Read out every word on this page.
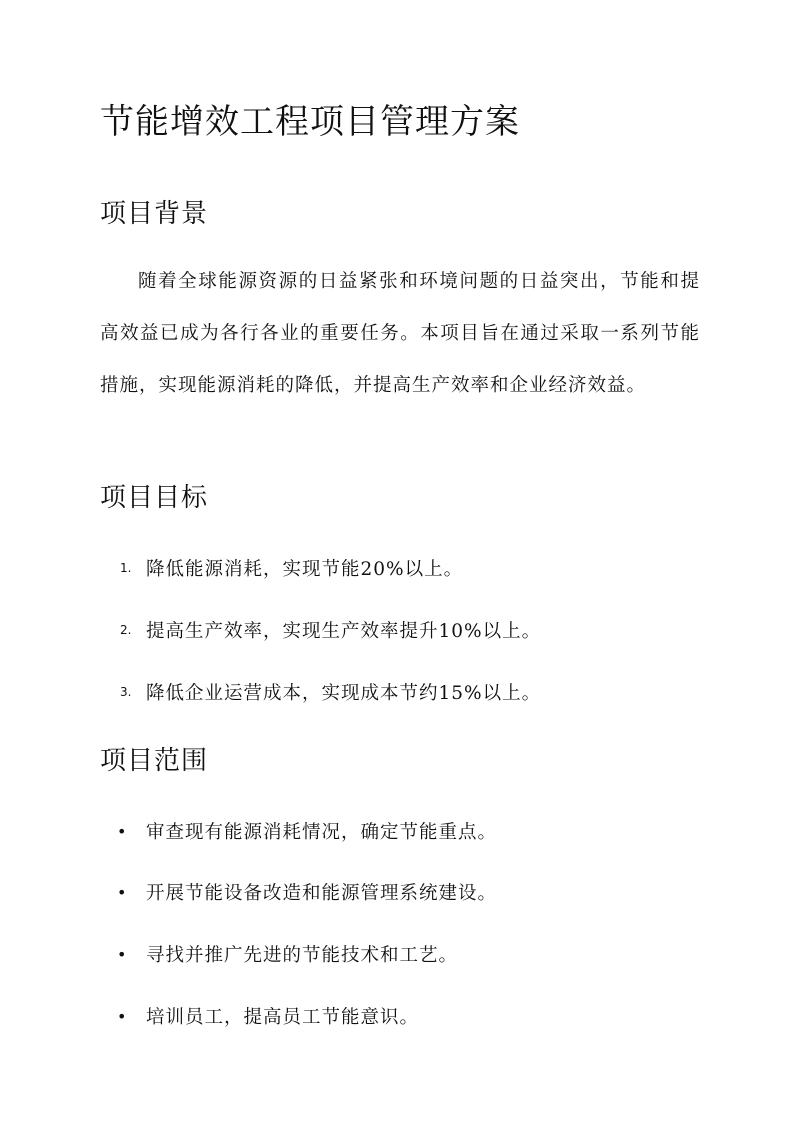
节能增效工程项目管理方案
项目背景

随着全球能源资源的日益紧张和环境问题的日益突出，节能和提高效益已成为各行各业的重要任务。本项目旨在通过采取一系列节能措施，实现能源消耗的降低，并提高生产效率和企业经济效益。

项目目标
1. 降低能源消耗，实现节能20%以上。
2. 提高生产效率，实现生产效率提升10%以上。
3. 降低企业运营成本，实现成本节约15%以上。
项目范围
•	审查现有能源消耗情况，确定节能重点。
•	开展节能设备改造和能源管理系统建设。
•	寻找并推广先进的节能技术和工艺。
•	培训员工，提高员工节能意识。
